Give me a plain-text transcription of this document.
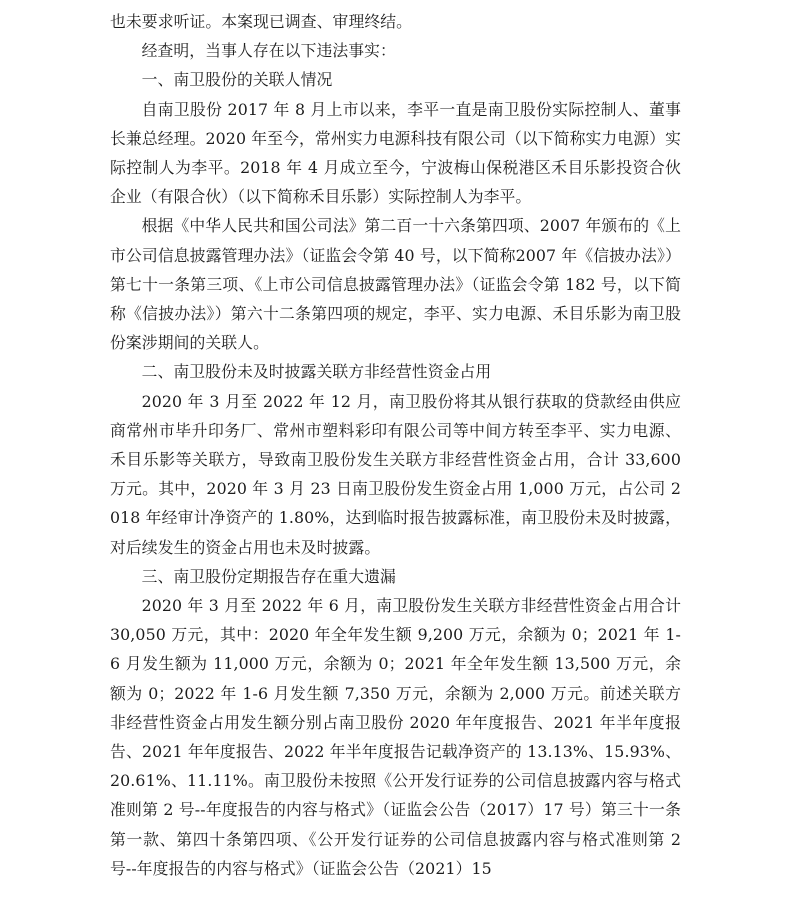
也未要求听证。本案现已调查、审理终结。

经查明，当事人存在以下违法事实：

一、南卫股份的关联人情况

自南卫股份 2017 年 8 月上市以来，李平一直是南卫股份实际控制人、董事长兼总经理。2020 年至今，常州实力电源科技有限公司（以下简称实力电源）实际控制人为李平。2018 年 4 月成立至今，宁波梅山保税港区禾目乐影投资合伙企业（有限合伙）（以下简称禾目乐影）实际控制人为李平。

根据《中华人民共和国公司法》第二百一十六条第四项、2007 年颁布的《上市公司信息披露管理办法》（证监会令第 40 号，以下简称2007 年《信披办法》）第七十一条第三项、《上市公司信息披露管理办法》（证监会令第 182 号，以下简称《信披办法》）第六十二条第四项的规定，李平、实力电源、禾目乐影为南卫股份案涉期间的关联人。

二、南卫股份未及时披露关联方非经营性资金占用

2020 年 3 月至 2022 年 12 月，南卫股份将其从银行获取的贷款经由供应商常州市毕升印务厂、常州市塑料彩印有限公司等中间方转至李平、实力电源、禾目乐影等关联方，导致南卫股份发生关联方非经营性资金占用，合计 33,600 万元。其中，2020 年 3 月 23 日南卫股份发生资金占用 1,000 万元，占公司 2018 年经审计净资产的 1.80%，达到临时报告披露标准，南卫股份未及时披露，对后续发生的资金占用也未及时披露。

三、南卫股份定期报告存在重大遗漏

2020 年 3 月至 2022 年 6 月，南卫股份发生关联方非经营性资金占用合计 30,050 万元，其中：2020 年全年发生额 9,200 万元，余额为 0；2021 年 1-6 月发生额为 11,000 万元，余额为 0；2021 年全年发生额 13,500 万元，余额为 0；2022 年 1-6 月发生额 7,350 万元，余额为 2,000 万元。前述关联方非经营性资金占用发生额分别占南卫股份 2020 年年度报告、2021 年半年度报告、2021 年年度报告、2022 年半年度报告记载净资产的 13.13%、15.93%、20.61%、11.11%。南卫股份未按照《公开发行证券的公司信息披露内容与格式准则第 2 号--年度报告的内容与格式》（证监会公告（2017）17 号）第三十一条第一款、第四十条第四项、《公开发行证券的公司信息披露内容与格式准则第 2 号--年度报告的内容与格式》（证监会公告（2021）15
